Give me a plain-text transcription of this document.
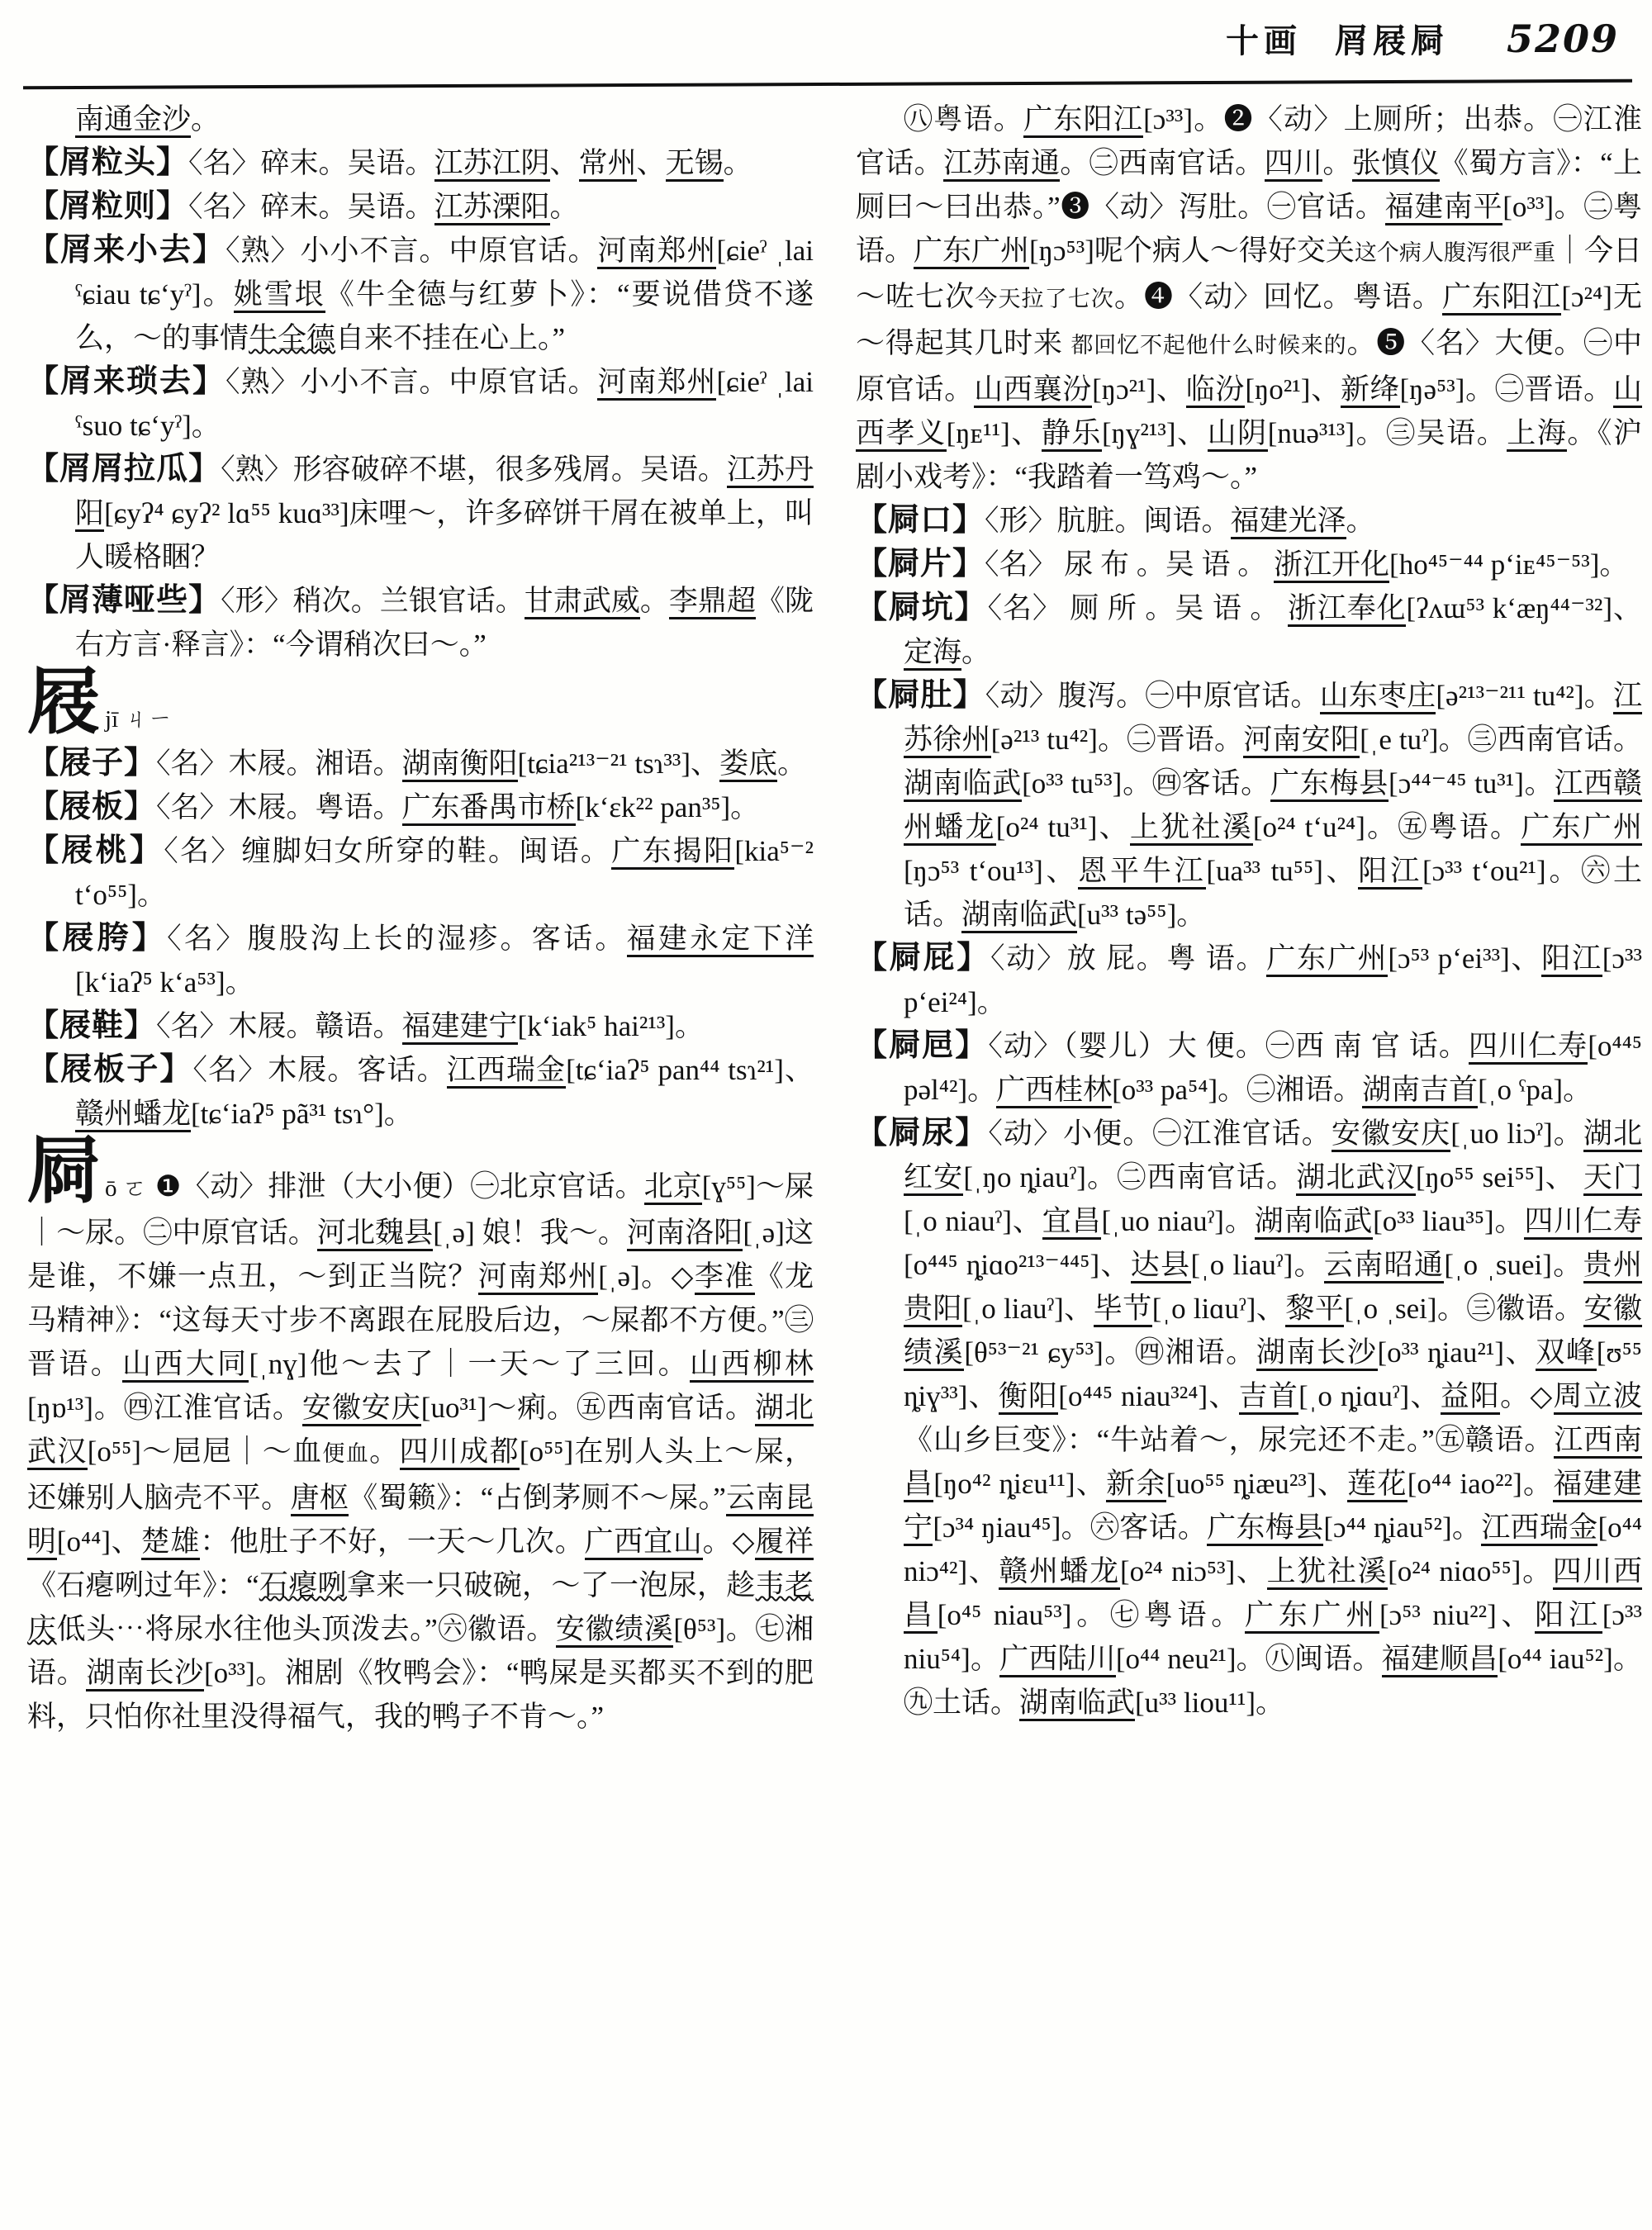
十画 屑屐屙 5209
南通金沙。
【屑粒头】〈名〉碎末。吴语。江苏江阴、常州、无锡。
【屑粒则】〈名〉碎末。吴语。江苏溧阳。
【屑来小去】〈熟〉小小不言。中原官话。河南郑州[ɕieˀ ˌlai ˤɕiau tɕʻyˀ]。姚雪垠《牛全德与红萝卜》：“要说借贷不遂么，～的事情牛全德自来不挂在心上。”
【屑来琐去】〈熟〉小小不言。中原官话。河南郑州[ɕieˀ ˌlai ˤsuo tɕʻyˀ]。
【屑屑拉瓜】〈熟〉形容破碎不堪，很多残屑。吴语。江苏丹阳[ɕyʔ⁴ ɕyʔ² lɑ⁵⁵ kuɑ³³]床哩～，许多碎饼干屑在被单上，叫人暖格睏？
【屑薄哑些】〈形〉稍次。兰银官话。甘肃武威。李鼎超《陇右方言·释言》：“今谓稍次曰～。”
屐jī ㄐㄧ
【屐子】〈名〉木屐。湘语。湖南衡阳[tɕia²¹³⁻²¹ tsɿ³³]、娄底。
【屐板】〈名〉木屐。粤语。广东番禺市桥[kʻɛk²² pan³⁵]。
【屐桃】〈名〉缠脚妇女所穿的鞋。闽语。广东揭阳[kia⁵⁻² tʻo⁵⁵]。
【屐胯】〈名〉腹股沟上长的湿疹。客话。福建永定下洋[kʻiaʔ⁵ kʻa⁵³]。
【屐鞋】〈名〉木屐。赣语。福建建宁[kʻiak⁵ hai²¹³]。
【屐板子】〈名〉木屐。客话。江西瑞金[tɕʻiaʔ⁵ pan⁴⁴ tsɿ²¹]、赣州蟠龙[tɕʻiaʔ⁵ pã³¹ tsɿ°]。
屙ō ㄛ ❶〈动〉排泄（大小便）㊀北京官话。北京[ɣ⁵⁵]～屎｜～尿。㊁中原官话。河北魏县[ˌə] 娘！我～。河南洛阳[ˌə]这是谁，不嫌一点丑，～到正当院？河南郑州[ˌə]。◇李准《龙马精神》：“这每天寸步不离跟在屁股后边，～屎都不方便。”㊂晋语。山西大同[ˌnɣ]他～去了｜一天～了三回。山西柳林[ŋɒ¹³]。㊃江淮官话。安徽安庆[uo³¹]～痢。㊄西南官话。湖北武汉[o⁵⁵]～㞎㞎｜～血便血。四川成都[o⁵⁵]在别人头上～屎，还嫌别人脑壳不平。唐枢《蜀籁》：“占倒茅厕不～屎。”云南昆明[o⁴⁴]、楚雄：他肚子不好，一天～几次。广西宜山。◇履祥《石瘪咧过年》：“石瘪咧拿来一只破碗，～了一泡尿，趁韦老庆低头⋯将尿水往他头顶泼去。”㊅徽语。安徽绩溪[θ⁵³]。㊆湘语。湖南长沙[o³³]。湘剧《牧鸭会》：“鸭屎是买都买不到的肥料，只怕你社里没得福气，我的鸭子不肯～。”
㊇粤语。广东阳江[ɔ³³]。❷〈动〉上厕所；出恭。㊀江淮官话。江苏南通。㊁西南官话。四川。张慎仪《蜀方言》：“上厕曰～曰出恭。”❸〈动〉泻肚。㊀官话。福建南平[o³³]。㊁粤语。广东广州[ŋɔ⁵³]呢个病人～得好交关这个病人腹泻很严重｜今日～咗七次今天拉了七次。❹〈动〉回忆。粤语。广东阳江[ɔ²⁴]无～得起其几时来 都回忆不起他什么时候来的。❺〈名〉大便。㊀中原官话。山西襄汾[ŋɔ²¹]、临汾[ŋo²¹]、新绛[ŋə⁵³]。㊁晋语。山西孝义[ŋᴇ¹¹]、静乐[ŋɣ²¹³]、山阴[nuə³¹³]。㊂吴语。上海。《沪剧小戏考》：“我踏着一笃鸡～。”
【屙口】〈形〉肮脏。闽语。福建光泽。
【屙片】〈名〉 尿 布 。吴 语 。 浙江开化[ho⁴⁵⁻⁴⁴ pʻiᴇ⁴⁵⁻⁵³]。
【屙坑】〈名〉 厕 所 。吴 语 。 浙江奉化[ʔʌɯ⁵³ kʻæŋ⁴⁴⁻³²]、定海。
【屙肚】〈动〉腹泻。㊀中原官话。山东枣庄[ə²¹³⁻²¹¹ tu⁴²]。江苏徐州[ə²¹³ tu⁴²]。㊁晋语。河南安阳[ˌe tuˀ]。㊂西南官话。湖南临武[o³³ tu⁵³]。㊃客话。广东梅县[ɔ⁴⁴⁻⁴⁵ tu³¹]。江西赣州蟠龙[o²⁴ tu³¹]、上犹社溪[o²⁴ tʻu²⁴]。㊄粤语。广东广州[ŋɔ⁵³ tʻou¹³]、恩平牛江[ua³³ tu⁵⁵]、阳江[ɔ³³ tʻou²¹]。㊅土话。湖南临武[u³³ tə⁵⁵]。
【屙屁】〈动〉放 屁。粤 语。广东广州[ɔ⁵³ pʻei³³]、阳江[ɔ³³ pʻei²⁴]。
【屙㞎】〈动〉（婴儿）大 便。㊀西 南 官 话。四川仁寿[o⁴⁴⁵ pəl⁴²]。广西桂林[o³³ pa⁵⁴]。㊁湘语。湖南吉首[ˌo ˤpa]。
【屙尿】〈动〉小便。㊀江淮官话。安徽安庆[ˌuo liɔˀ]。湖北红安[ˌŋo ȵiauˀ]。㊁西南官话。湖北武汉[ŋo⁵⁵ sei⁵⁵]、 天门[ˌo niauˀ]、宜昌[ˌuo niauˀ]。湖南临武[o³³ liau³⁵]。四川仁寿[o⁴⁴⁵ ȵiɑo²¹³⁻⁴⁴⁵]、达县[ˌo liauˀ]。云南昭通[ˌo ˌsuei]。贵州贵阳[ˌo liauˀ]、毕节[ˌo liɑuˀ]、黎平[ˌo ˌsei]。㊂徽语。安徽绩溪[θ⁵³⁻²¹ ɕy⁵³]。㊃湘语。湖南长沙[o³³ ȵiau²¹]、双峰[ʊ⁵⁵ ȵiɣ³³]、衡阳[o⁴⁴⁵ niau³²⁴]、吉首[ˌo ȵiɑuˀ]、益阳。◇周立波《山乡巨变》：“牛站着～，尿完还不走。”㊄赣语。江西南昌[ŋo⁴² ȵiɛu¹¹]、新余[uo⁵⁵ ȵiæu²³]、莲花[o⁴⁴ iao²²]。福建建宁[ɔ³⁴ ŋiau⁴⁵]。㊅客话。广东梅县[ɔ⁴⁴ ȵiau⁵²]。江西瑞金[o⁴⁴ niɔ⁴²]、赣州蟠龙[o²⁴ niɔ⁵³]、上犹社溪[o²⁴ niɑo⁵⁵]。四川西昌[o⁴⁵ niau⁵³]。㊆粤语。广东广州[ɔ⁵³ niu²²]、阳江[ɔ³³ niu⁵⁴]。广西陆川[o⁴⁴ neu²¹]。㊇闽语。福建顺昌[o⁴⁴ iau⁵²]。㊈土话。湖南临武[u³³ liou¹¹]。
